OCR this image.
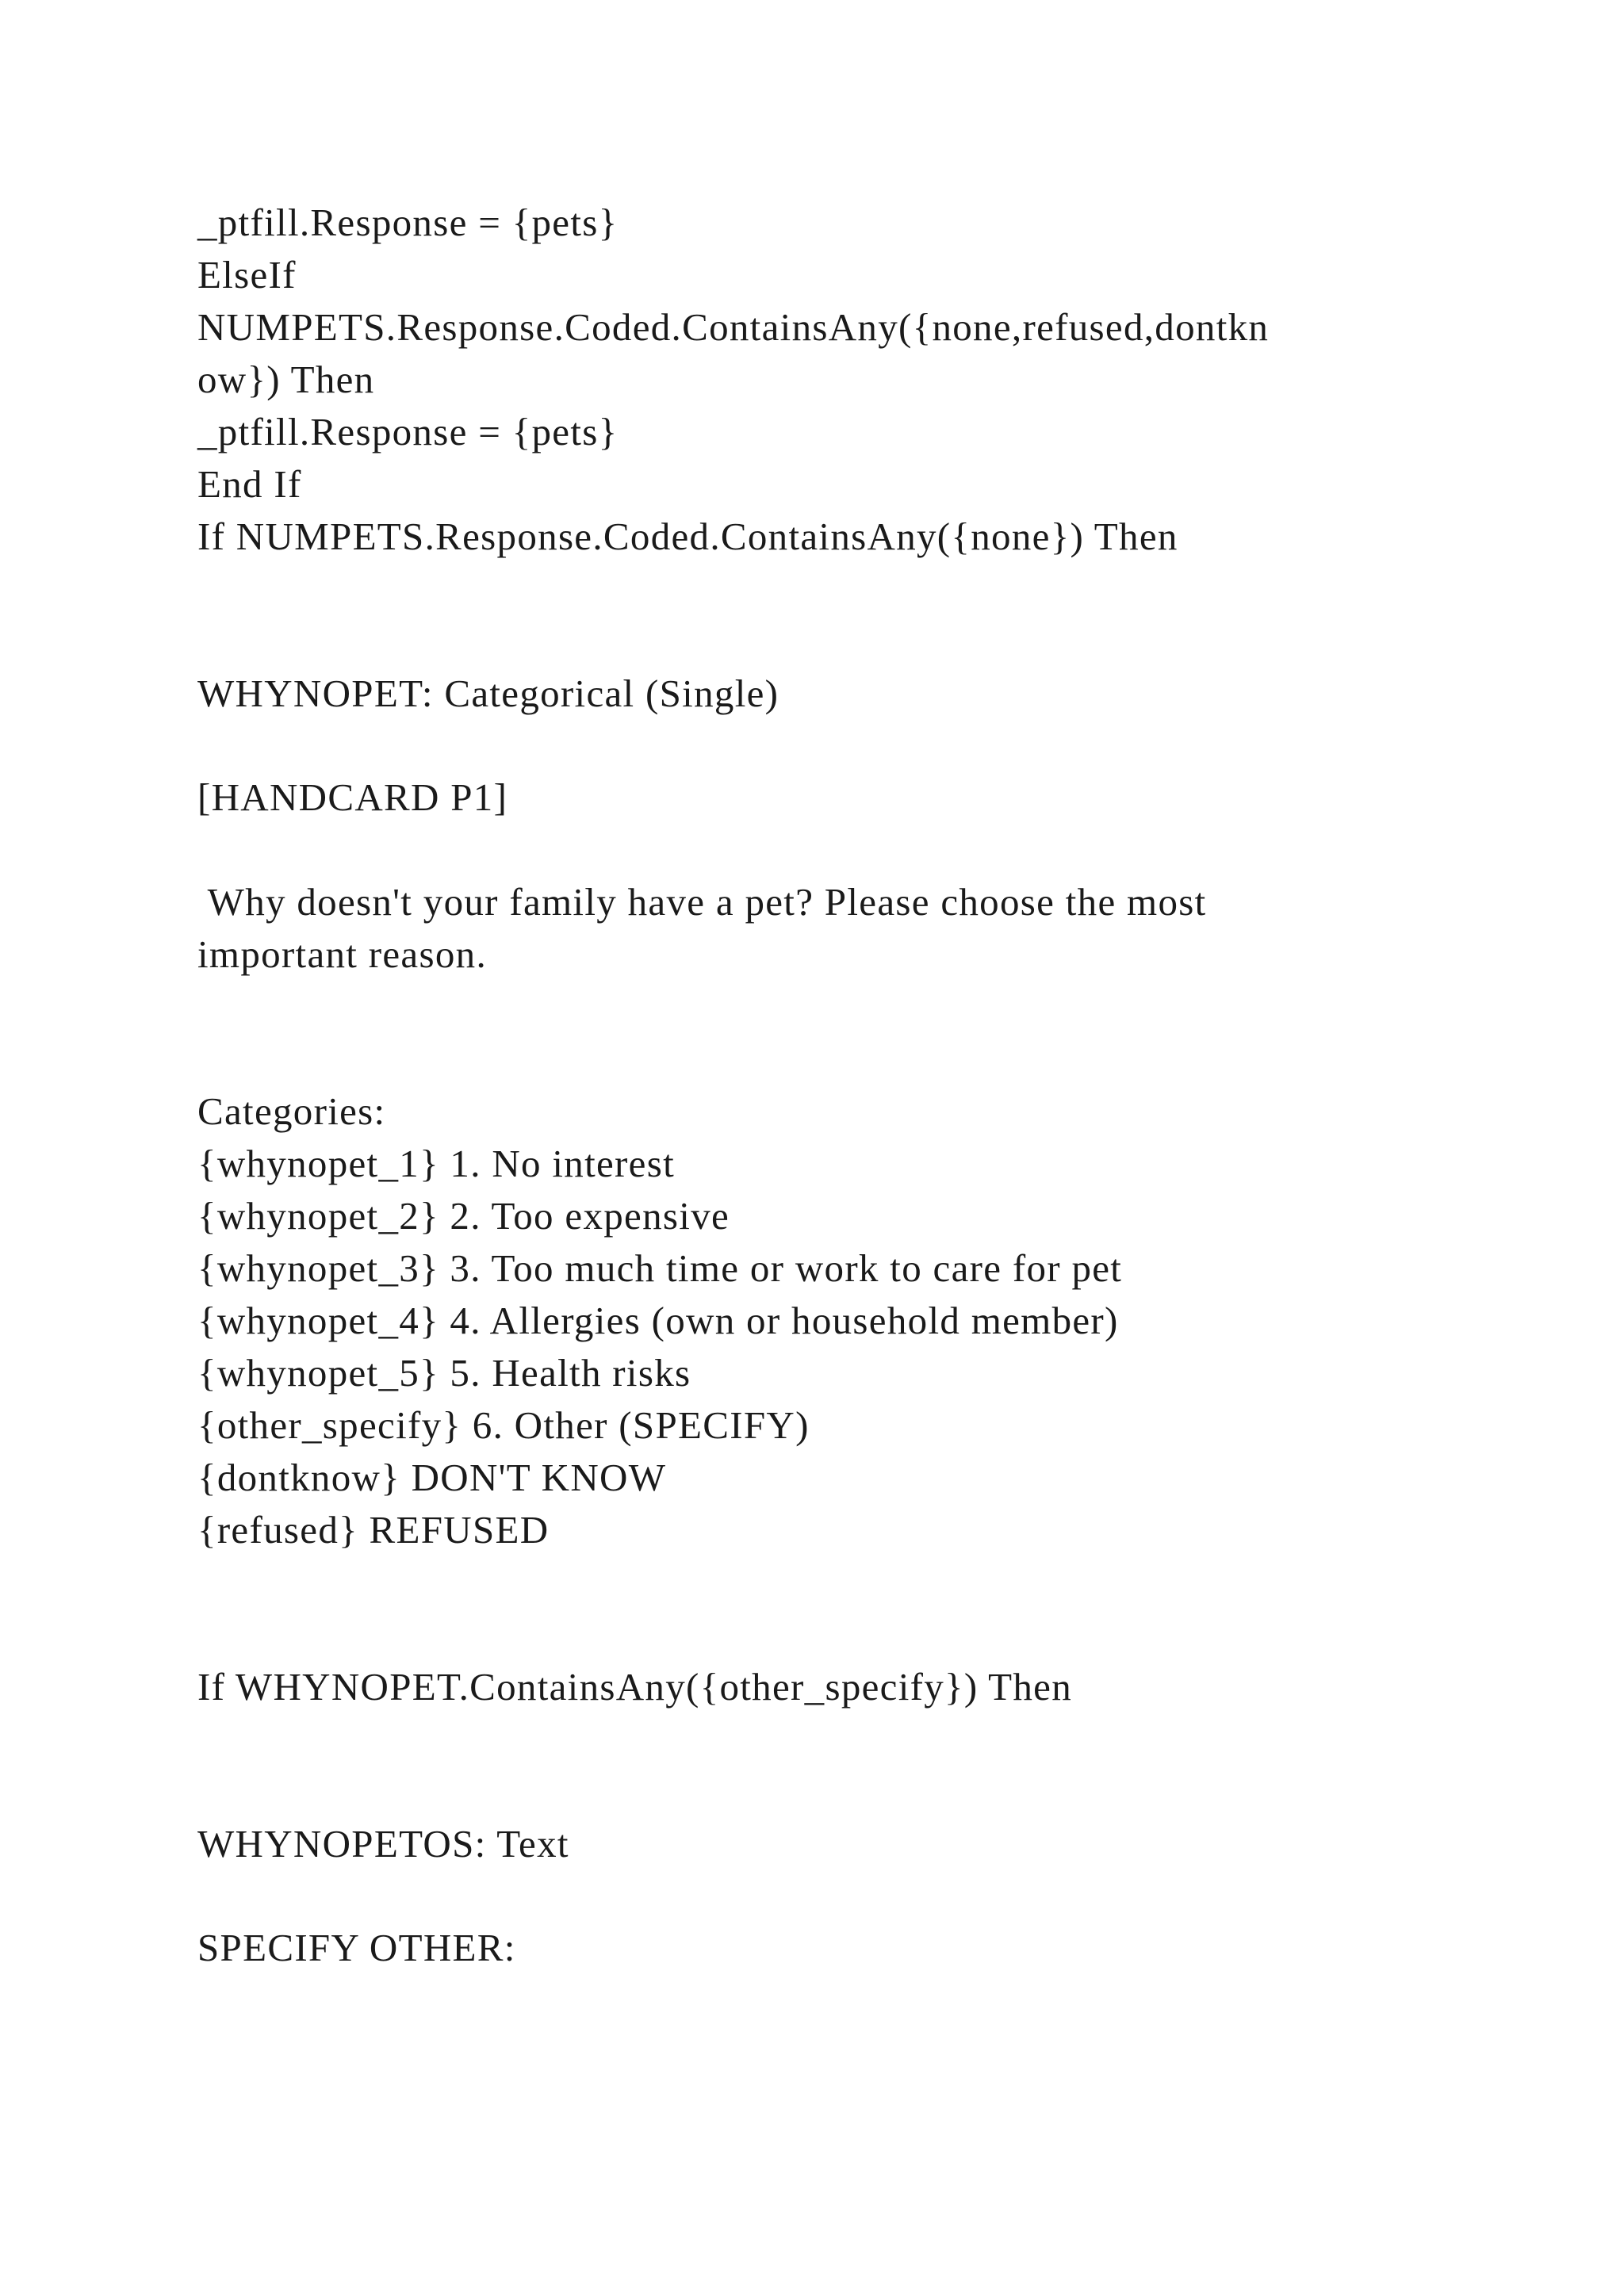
_ptfill.Response = {pets}
ElseIf
NUMPETS.Response.Coded.ContainsAny({none,refused,dontkn
ow}) Then
_ptfill.Response = {pets}
End If
If NUMPETS.Response.Coded.ContainsAny({none}) Then
WHYNOPET: Categorical (Single)
[HANDCARD P1]
Why doesn't your family have a pet? Please choose the most
important reason.
Categories:
{whynopet_1} 1. No interest
{whynopet_2} 2. Too expensive
{whynopet_3} 3. Too much time or work to care for pet
{whynopet_4} 4. Allergies (own or household member)
{whynopet_5} 5. Health risks
{other_specify} 6. Other (SPECIFY)
{dontknow} DON'T KNOW
{refused} REFUSED
If WHYNOPET.ContainsAny({other_specify}) Then
WHYNOPETOS: Text
SPECIFY OTHER:
